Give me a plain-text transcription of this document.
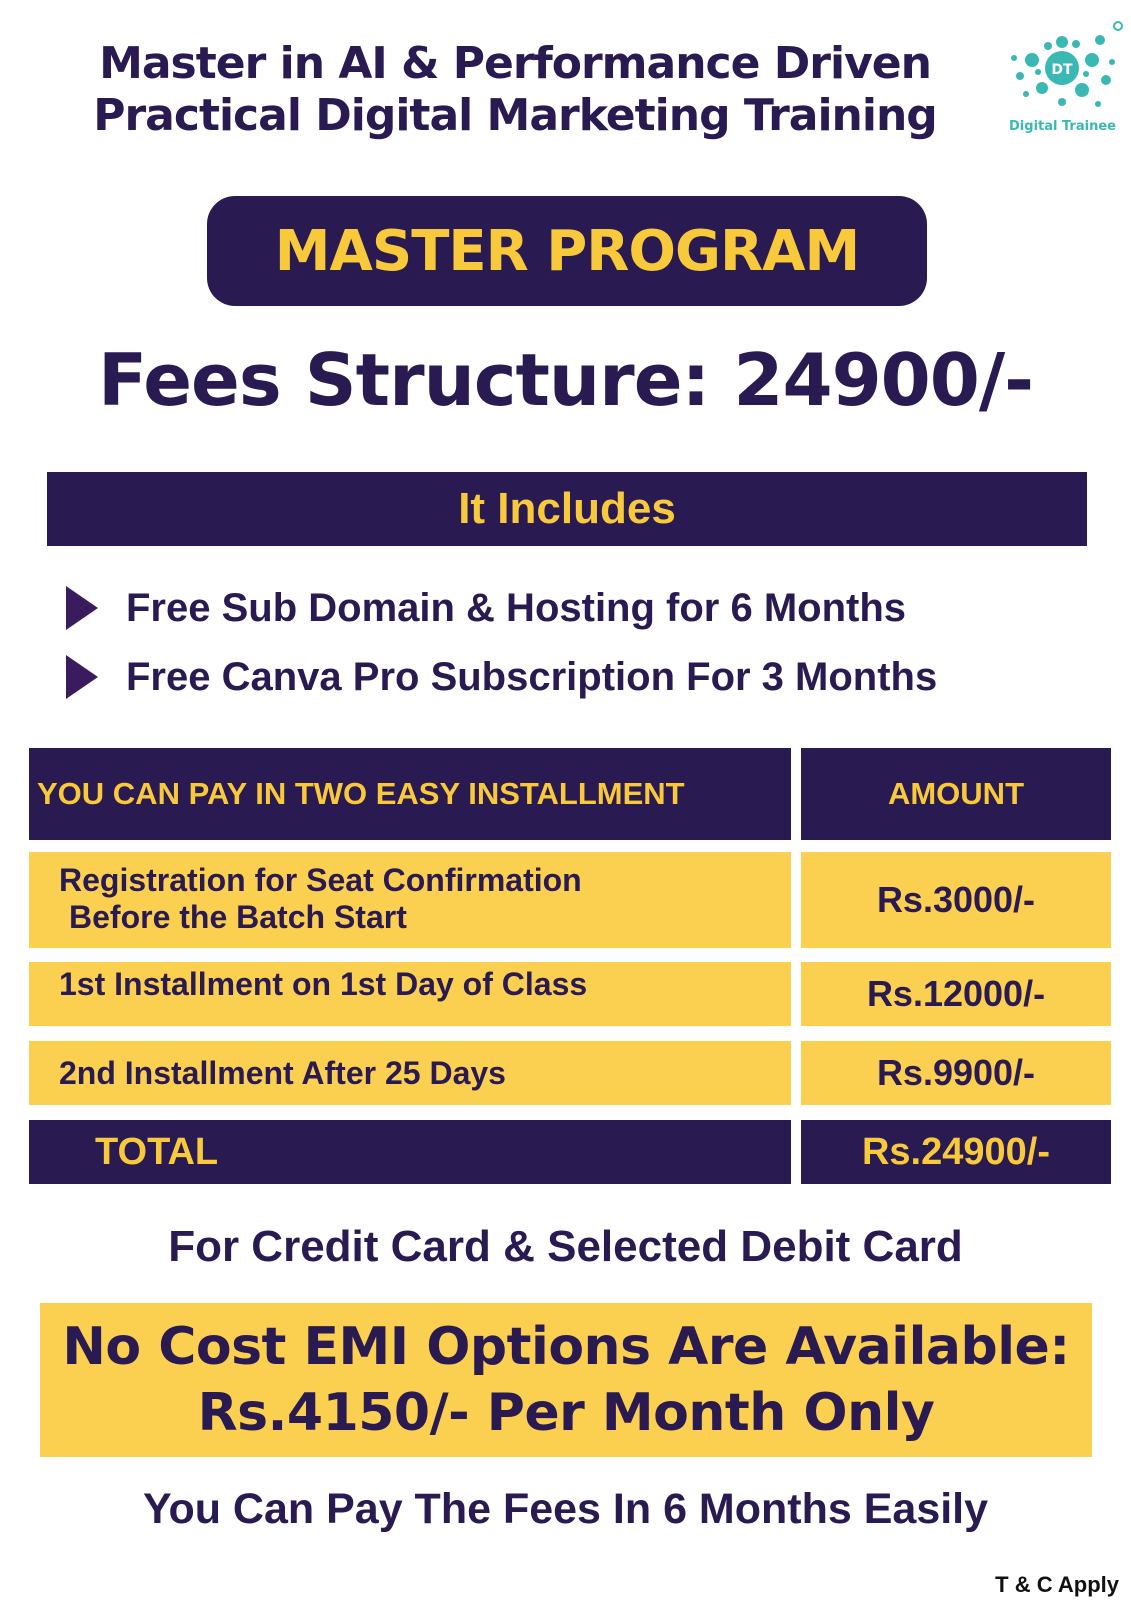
Master in AI & Performance Driven
Practical Digital Marketing Training
DT
Digital Trainee
MASTER PROGRAM
Fees Structure: 24900/-
It Includes
Free Sub Domain & Hosting for 6 Months
Free Canva Pro Subscription For 3 Months
YOU CAN PAY IN TWO EASY INSTALLMENT	AMOUNT
Registration for Seat Confirmation
Before the Batch Start	Rs.3000/-
1st Installment on 1st Day of Class	Rs.12000/-
2nd Installment After 25 Days	Rs.9900/-
TOTAL	Rs.24900/-
For Credit Card & Selected Debit Card
No Cost EMI Options Are Available:
Rs.4150/- Per Month Only
You Can Pay The Fees In 6 Months Easily
T & C Apply
